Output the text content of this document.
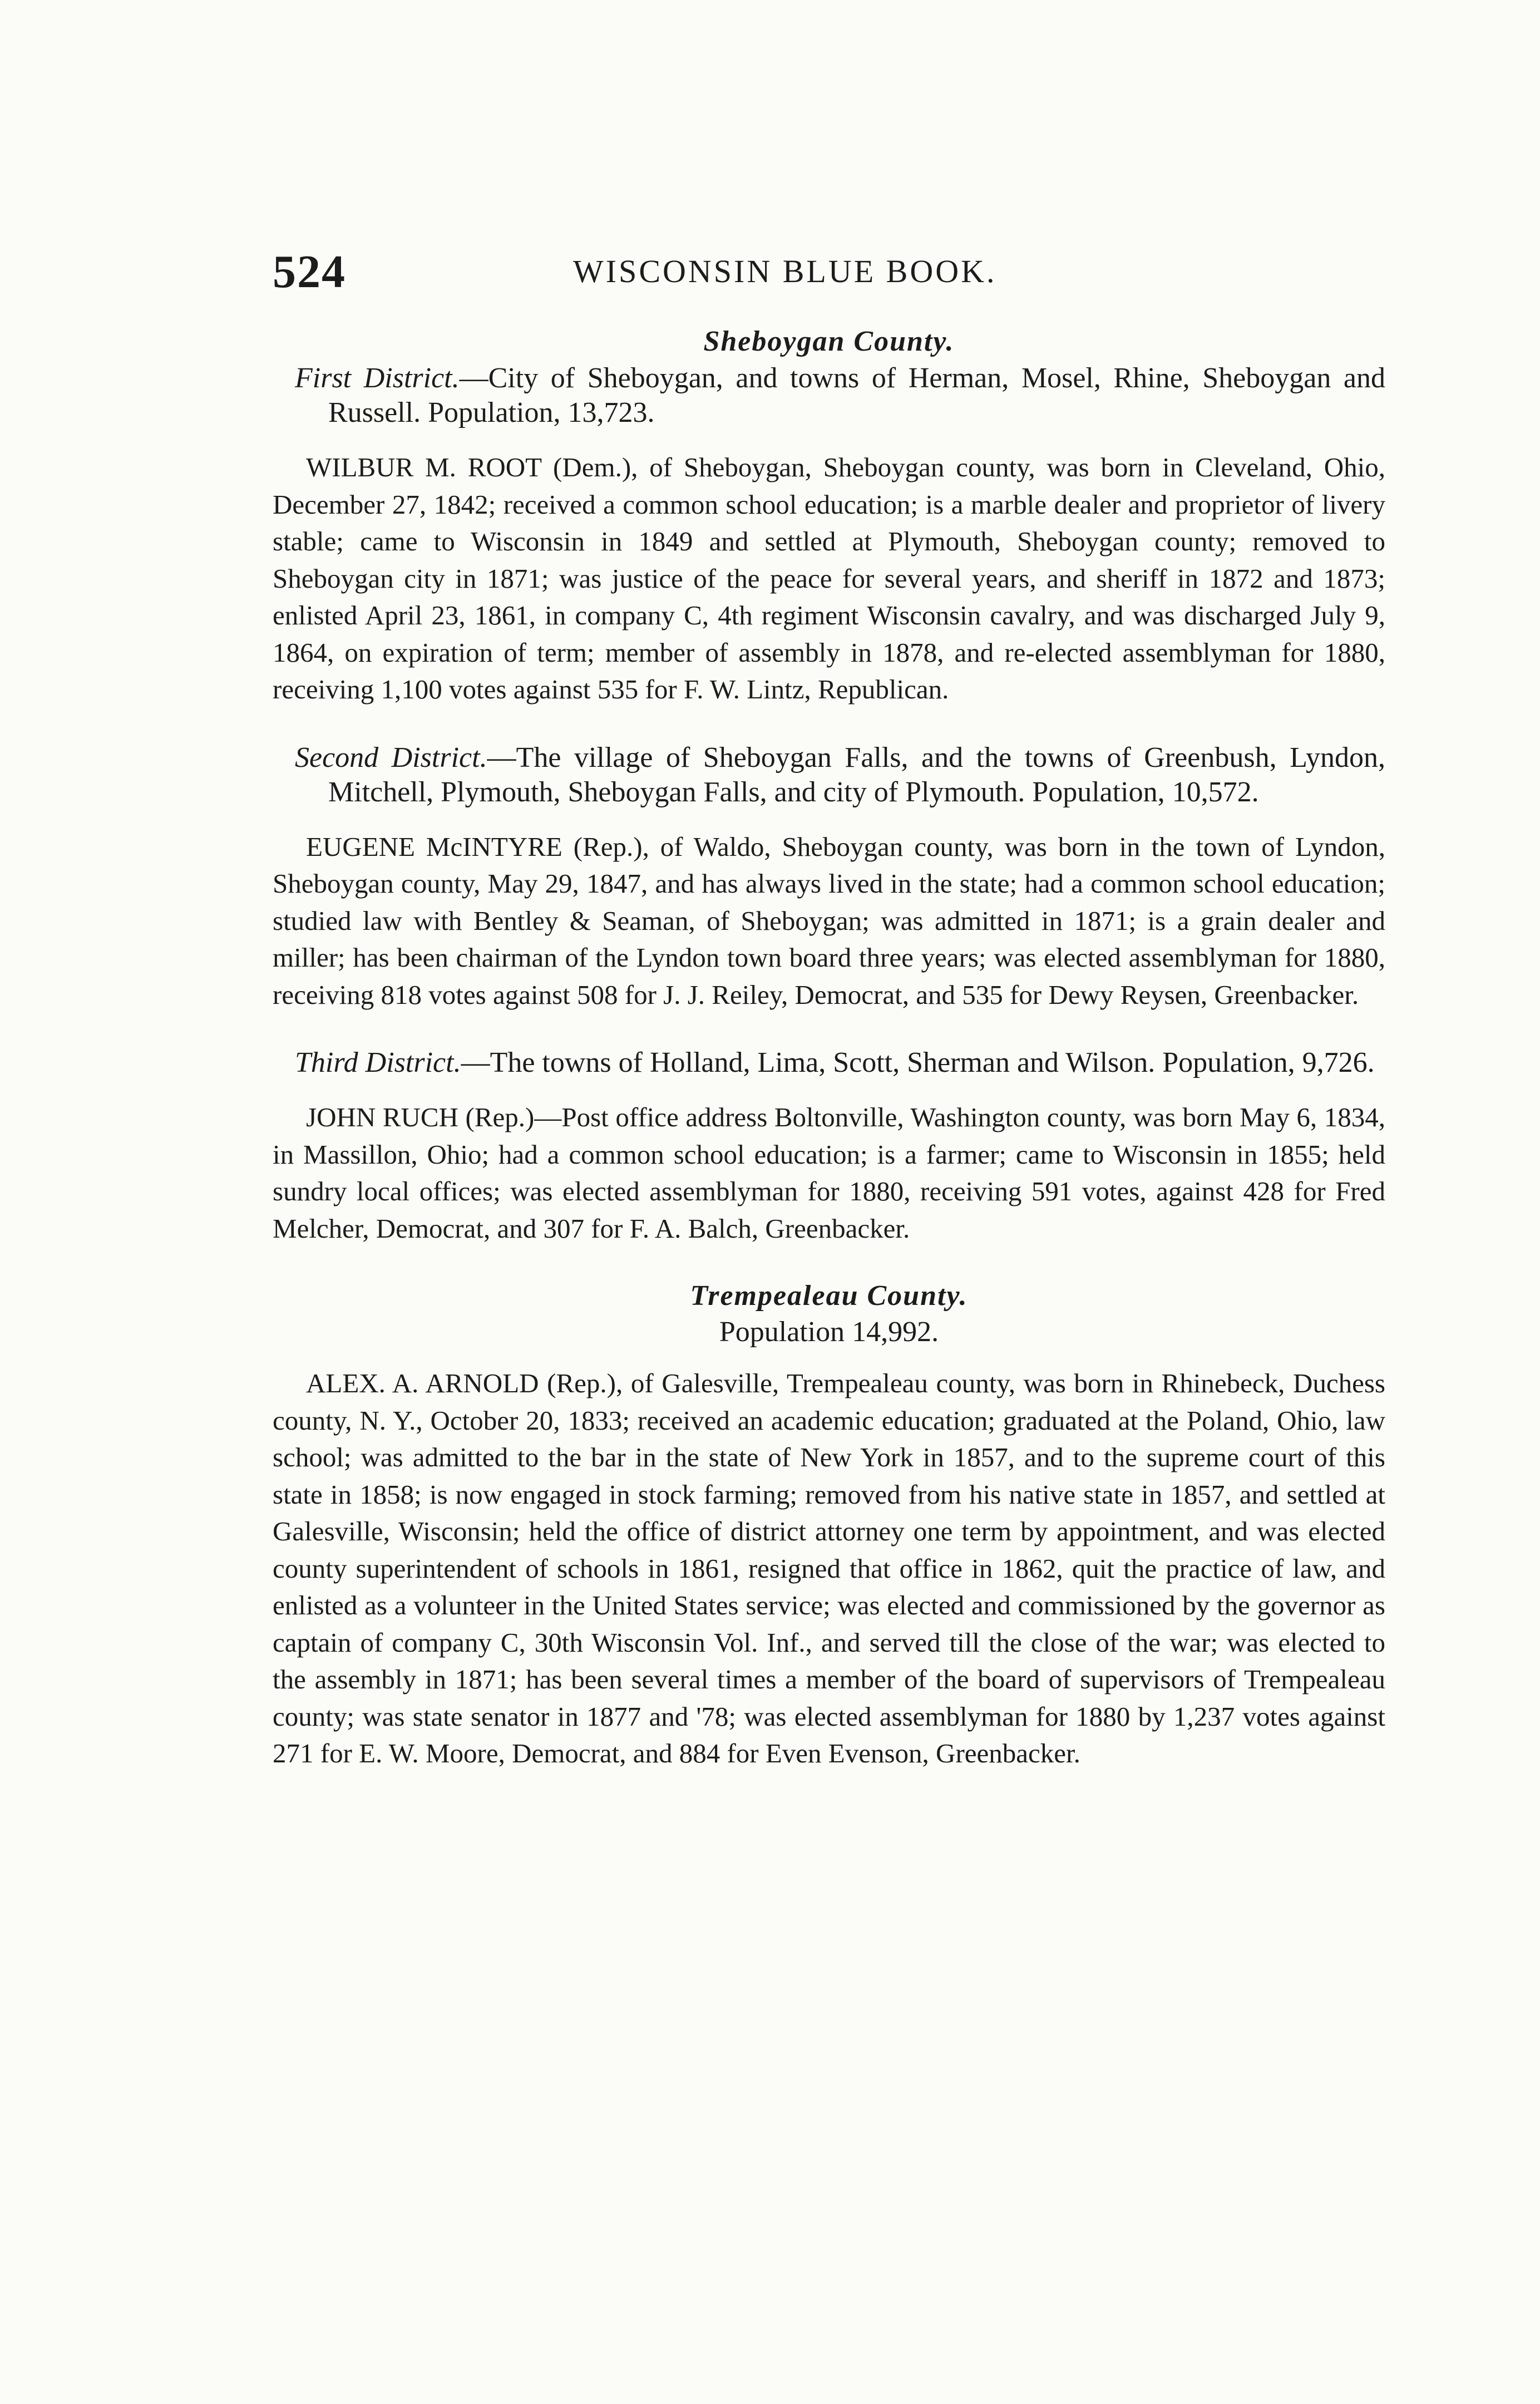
524	WISCONSIN BLUE BOOK.

Sheboygan County.

First District.—City of Sheboygan, and towns of Herman, Mosel, Rhine, Sheboygan and Russell. Population, 13,723.

WILBUR M. ROOT (Dem.), of Sheboygan, Sheboygan county, was born in Cleveland, Ohio, December 27, 1842; received a common school education; is a marble dealer and proprietor of livery stable; came to Wisconsin in 1849 and settled at Plymouth, Sheboygan county; removed to Sheboygan city in 1871; was justice of the peace for several years, and sheriff in 1872 and 1873; enlisted April 23, 1861, in company C, 4th regiment Wisconsin cavalry, and was discharged July 9, 1864, on expiration of term; member of assembly in 1878, and re-elected assemblyman for 1880, receiving 1,100 votes against 535 for F. W. Lintz, Republican.

Second District.—The village of Sheboygan Falls, and the towns of Greenbush, Lyndon, Mitchell, Plymouth, Sheboygan Falls, and city of Plymouth. Population, 10,572.

EUGENE McINTYRE (Rep.), of Waldo, Sheboygan county, was born in the town of Lyndon, Sheboygan county, May 29, 1847, and has always lived in the state; had a common school education; studied law with Bentley & Seaman, of Sheboygan; was admitted in 1871; is a grain dealer and miller; has been chairman of the Lyndon town board three years; was elected assemblyman for 1880, receiving 818 votes against 508 for J. J. Reiley, Democrat, and 535 for Dewy Reysen, Greenbacker.

Third District.—The towns of Holland, Lima, Scott, Sherman and Wilson. Population, 9,726.

JOHN RUCH (Rep.)—Post office address Boltonville, Washington county, was born May 6, 1834, in Massillon, Ohio; had a common school education; is a farmer; came to Wisconsin in 1855; held sundry local offices; was elected assemblyman for 1880, receiving 591 votes, against 428 for Fred Melcher, Democrat, and 307 for F. A. Balch, Greenbacker.

Trempealeau County.

Population 14,992.

ALEX. A. ARNOLD (Rep.), of Galesville, Trempealeau county, was born in Rhinebeck, Duchess county, N. Y., October 20, 1833; received an academic education; graduated at the Poland, Ohio, law school; was admitted to the bar in the state of New York in 1857, and to the supreme court of this state in 1858; is now engaged in stock farming; removed from his native state in 1857, and settled at Galesville, Wisconsin; held the office of district attorney one term by appointment, and was elected county superintendent of schools in 1861, resigned that office in 1862, quit the practice of law, and enlisted as a volunteer in the United States service; was elected and commissioned by the governor as captain of company C, 30th Wisconsin Vol. Inf., and served till the close of the war; was elected to the assembly in 1871; has been several times a member of the board of supervisors of Trempealeau county; was state senator in 1877 and '78; was elected assemblyman for 1880 by 1,237 votes against 271 for E. W. Moore, Democrat, and 884 for Even Evenson, Greenbacker.
